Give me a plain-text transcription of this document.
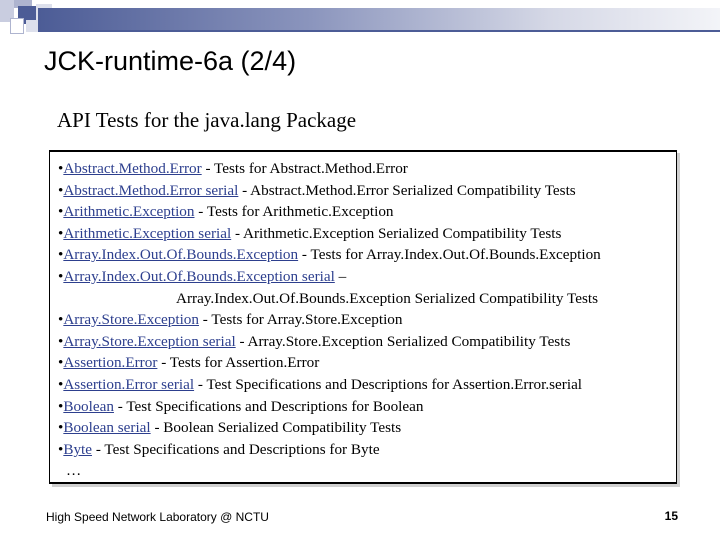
JCK-runtime-6a (2/4)
API Tests for the java.lang Package
•Abstract.Method.Error - Tests for Abstract.Method.Error
•Abstract.Method.Error serial - Abstract.Method.Error Serialized Compatibility Tests
•Arithmetic.Exception - Tests for Arithmetic.Exception
•Arithmetic.Exception serial - Arithmetic.Exception Serialized Compatibility Tests
•Array.Index.Out.Of.Bounds.Exception - Tests for Array.Index.Out.Of.Bounds.Exception
•Array.Index.Out.Of.Bounds.Exception serial –
Array.Index.Out.Of.Bounds.Exception Serialized Compatibility Tests
•Array.Store.Exception - Tests for Array.Store.Exception
•Array.Store.Exception serial - Array.Store.Exception Serialized Compatibility Tests
•Assertion.Error - Tests for Assertion.Error
•Assertion.Error serial - Test Specifications and Descriptions for Assertion.Error.serial
•Boolean - Test Specifications and Descriptions for Boolean
•Boolean serial - Boolean Serialized Compatibility Tests
•Byte - Test Specifications and Descriptions for Byte
…

High Speed Network Laboratory @ NCTU	15
